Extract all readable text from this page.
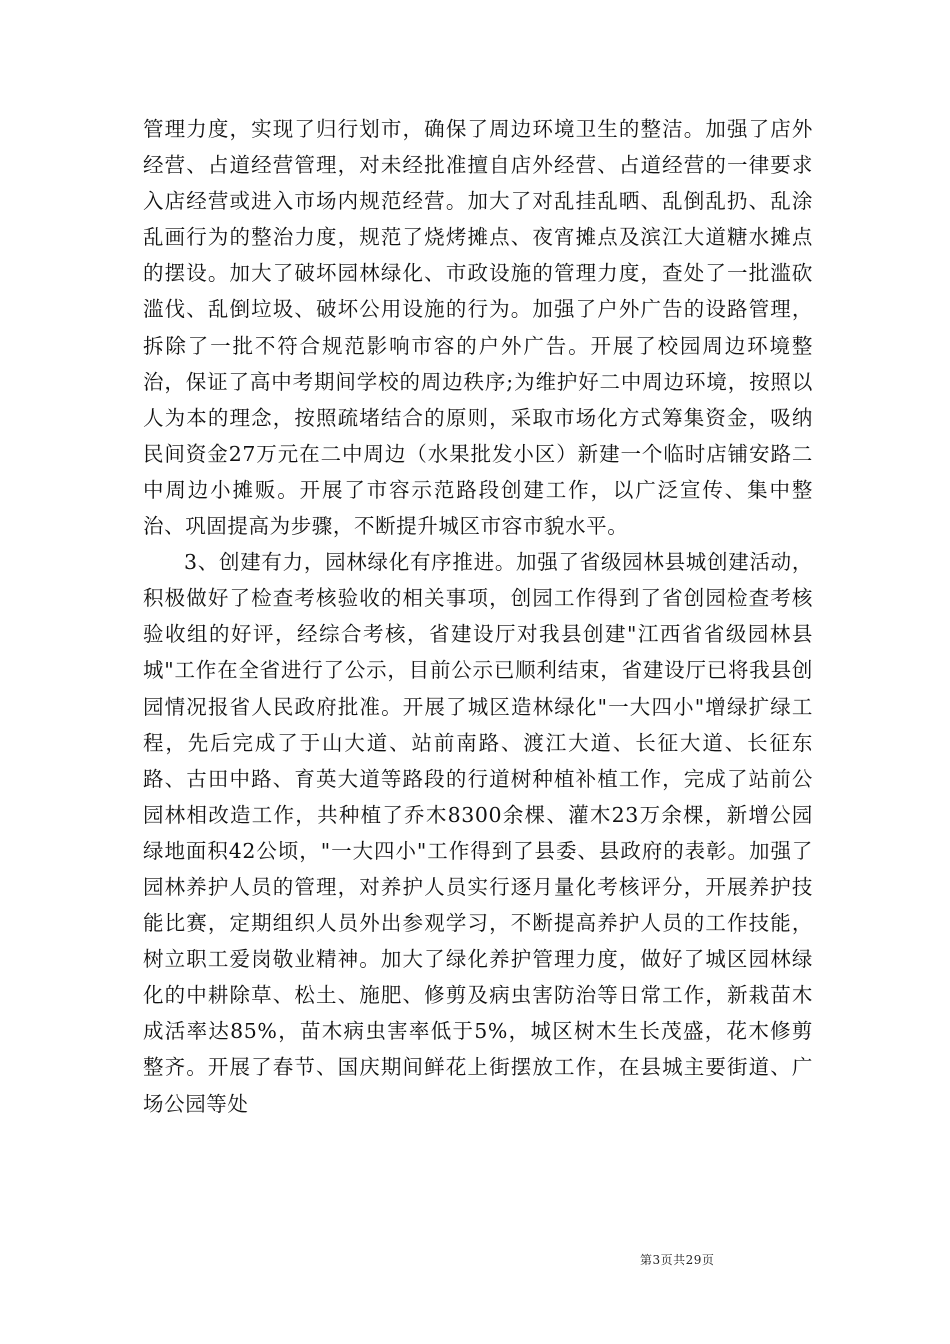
管理力度，实现了归行划市，确保了周边环境卫生的整洁。加强了店外经营、占道经营管理，对未经批准擅自店外经营、占道经营的一律要求入店经营或进入市场内规范经营。加大了对乱挂乱晒、乱倒乱扔、乱涂乱画行为的整治力度，规范了烧烤摊点、夜宵摊点及滨江大道糖水摊点的摆设。加大了破坏园林绿化、市政设施的管理力度，查处了一批滥砍滥伐、乱倒垃圾、破坏公用设施的行为。加强了户外广告的设路管理，拆除了一批不符合规范影响市容的户外广告。开展了校园周边环境整治，保证了高中考期间学校的周边秩序;为维护好二中周边环境，按照以人为本的理念，按照疏堵结合的原则，采取市场化方式筹集资金，吸纳民间资金27万元在二中周边（水果批发小区）新建一个临时店铺安路二中周边小摊贩。开展了市容示范路段创建工作，以广泛宣传、集中整治、巩固提高为步骤，不断提升城区市容市貌水平。

3、创建有力，园林绿化有序推进。加强了省级园林县城创建活动，积极做好了检查考核验收的相关事项，创园工作得到了省创园检查考核验收组的好评，经综合考核，省建设厅对我县创建"江西省省级园林县城"工作在全省进行了公示，目前公示已顺利结束，省建设厅已将我县创园情况报省人民政府批准。开展了城区造林绿化"一大四小"增绿扩绿工程，先后完成了于山大道、站前南路、渡江大道、长征大道、长征东路、古田中路、育英大道等路段的行道树种植补植工作，完成了站前公园林相改造工作，共种植了乔木8300余棵、灌木23万余棵，新增公园绿地面积42公顷，"一大四小"工作得到了县委、县政府的表彰。加强了园林养护人员的管理，对养护人员实行逐月量化考核评分，开展养护技能比赛，定期组织人员外出参观学习，不断提高养护人员的工作技能，树立职工爱岗敬业精神。加大了绿化养护管理力度，做好了城区园林绿化的中耕除草、松土、施肥、修剪及病虫害防治等日常工作，新栽苗木成活率达85%，苗木病虫害率低于5%，城区树木生长茂盛，花木修剪整齐。开展了春节、国庆期间鲜花上街摆放工作，在县城主要街道、广场公园等处

第3页共29页
